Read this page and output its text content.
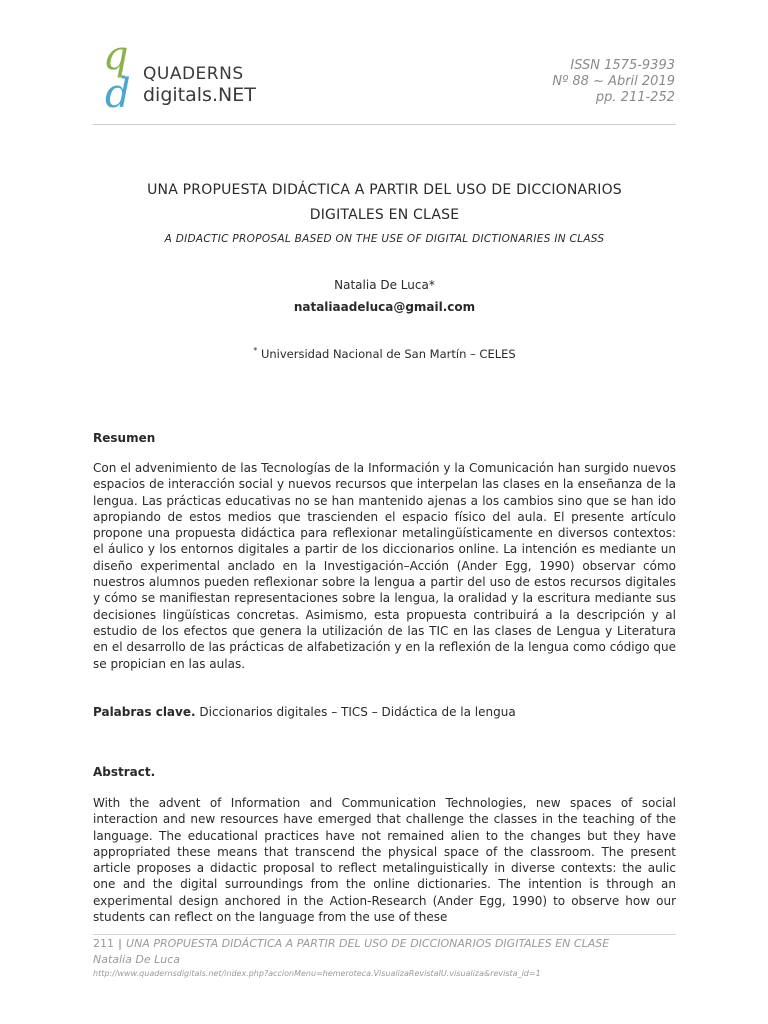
q
d QUADERNS
digitals.NET
ISSN 1575-9393
Nº 88 ~ Abril 2019
pp. 211-252
UNA PROPUESTA DIDÁCTICA A PARTIR DEL USO DE DICCIONARIOS
DIGITALES EN CLASE
A DIDACTIC PROPOSAL BASED ON THE USE OF DIGITAL DICTIONARIES IN CLASS
Natalia De Luca*
nataliaadeluca@gmail.com
* Universidad Nacional de San Martín – CELES
Resumen

Con el advenimiento de las Tecnologías de la Información y la Comunicación han surgido nuevos espacios de interacción social y nuevos recursos que interpelan las clases en la enseñanza de la lengua. Las prácticas educativas no se han mantenido ajenas a los cambios sino que se han ido apropiando de estos medios que trascienden el espacio físico del aula. El presente artículo propone una propuesta didáctica para reflexionar metalingüísticamente en diversos contextos: el áulico y los entornos digitales a partir de los diccionarios online. La intención es mediante un diseño experimental anclado en la Investigación–Acción (Ander Egg, 1990) observar cómo nuestros alumnos pueden reflexionar sobre la lengua a partir del uso de estos recursos digitales y cómo se manifiestan representaciones sobre la lengua, la oralidad y la escritura mediante sus decisiones lingüísticas concretas. Asimismo, esta propuesta contribuirá a la descripción y al estudio de los efectos que genera la utilización de las TIC en las clases de Lengua y Literatura en el desarrollo de las prácticas de alfabetización y en la reflexión de la lengua como código que se propician en las aulas.

Palabras clave. Diccionarios digitales – TICS – Didáctica de la lengua
Abstract.

With the advent of Information and Communication Technologies, new spaces of social interaction and new resources have emerged that challenge the classes in the teaching of the language. The educational practices have not remained alien to the changes but they have appropriated these means that transcend the physical space of the classroom. The present article proposes a didactic proposal to reflect metalinguistically in diverse contexts: the aulic one and the digital surroundings from the online dictionaries. The intention is through an experimental design anchored in the Action-Research (Ander Egg, 1990) to observe how our students can reflect on the language from the use of these

211 | UNA PROPUESTA DIDÁCTICA A PARTIR DEL USO DE DICCIONARIOS DIGITALES EN CLASE
Natalia De Luca
http://www.quadernsdigitals.net/index.php?accionMenu=hemeroteca.VisualizaRevistaIU.visualiza&revista_id=1
